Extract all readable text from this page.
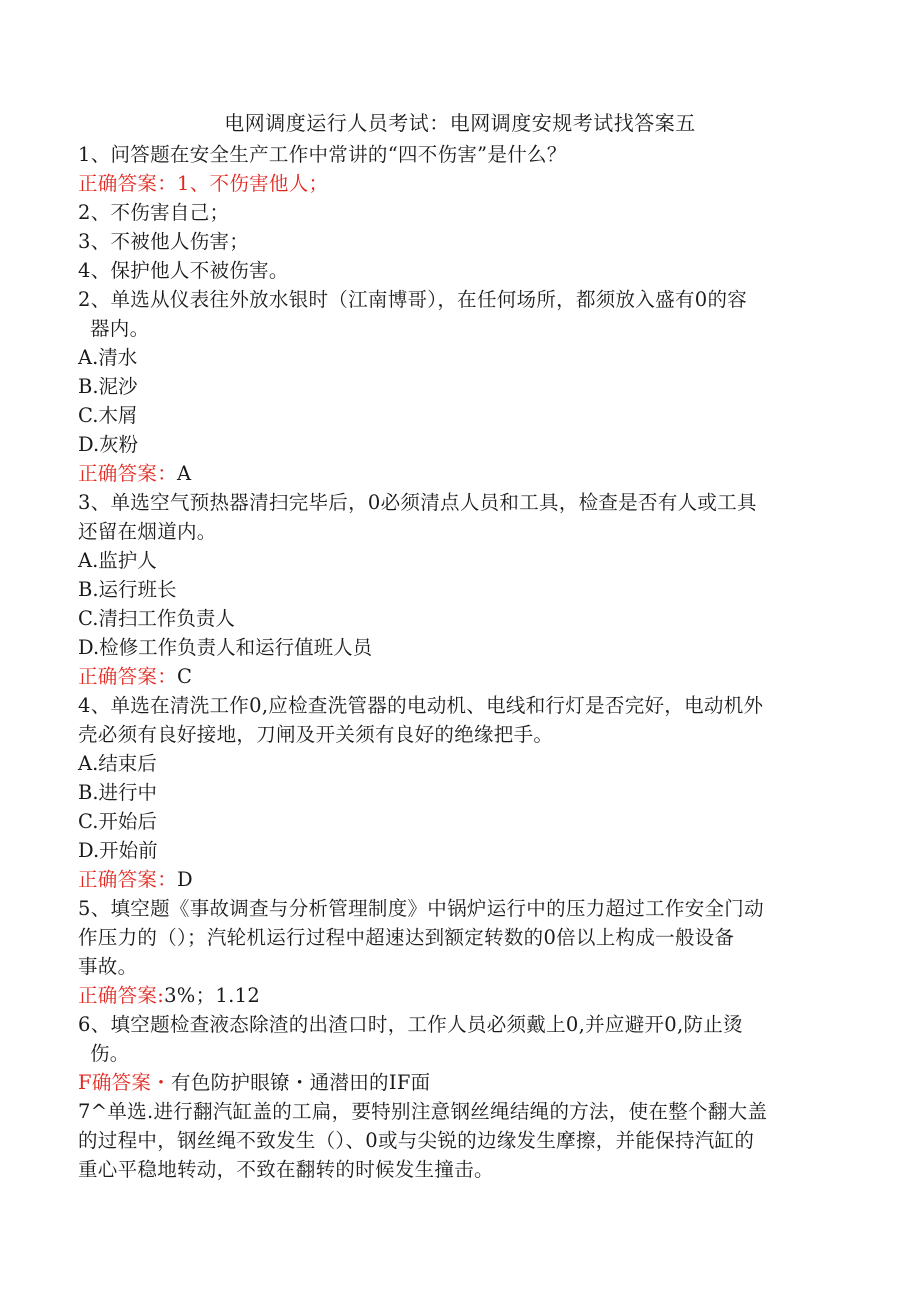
电网调度运行人员考试：电网调度安规考试找答案五
1、问答题在安全生产工作中常讲的“四不伤害”是什么？
正确答案：1、不伤害他人；
2、不伤害自己；
3、不被他人伤害；
4、保护他人不被伤害。
2、单选从仪表往外放水银时（江南博哥），在任何场所，都须放入盛有0的容
器内。
A.清水
B.泥沙
C.木屑
D.灰粉
正确答案：A
3、单选空气预热器清扫完毕后，0必须清点人员和工具，检查是否有人或工具
还留在烟道内。
A.监护人
B.运行班长
C.清扫工作负责人
D.检修工作负责人和运行值班人员
正确答案：C
4、单选在清洗工作0,应检查洗管器的电动机、电线和行灯是否完好，电动机外
壳必须有良好接地，刀闸及开关须有良好的绝缘把手。
A.结束后
B.进行中
C.开始后
D.开始前
正确答案：D
5、填空题《事故调查与分析管理制度》中锅炉运行中的压力超过工作安全门动
作压力的（）；汽轮机运行过程中超速达到额定转数的0倍以上构成一般设备
事故。
正确答案:3%；1.12
6、填空题检查液态除渣的出渣口时，工作人员必须戴上0,并应避开0,防止烫
伤。
F确答案・有色防护眼镣・通潜田的IF面
7^单选.进行翻汽缸盖的工扁，要特别注意钢丝绳结绳的方法，使在整个翻大盖
的过程中，钢丝绳不致发生（）、0或与尖锐的边缘发生摩擦，并能保持汽缸的
重心平稳地转动，不致在翻转的时候发生撞击。
